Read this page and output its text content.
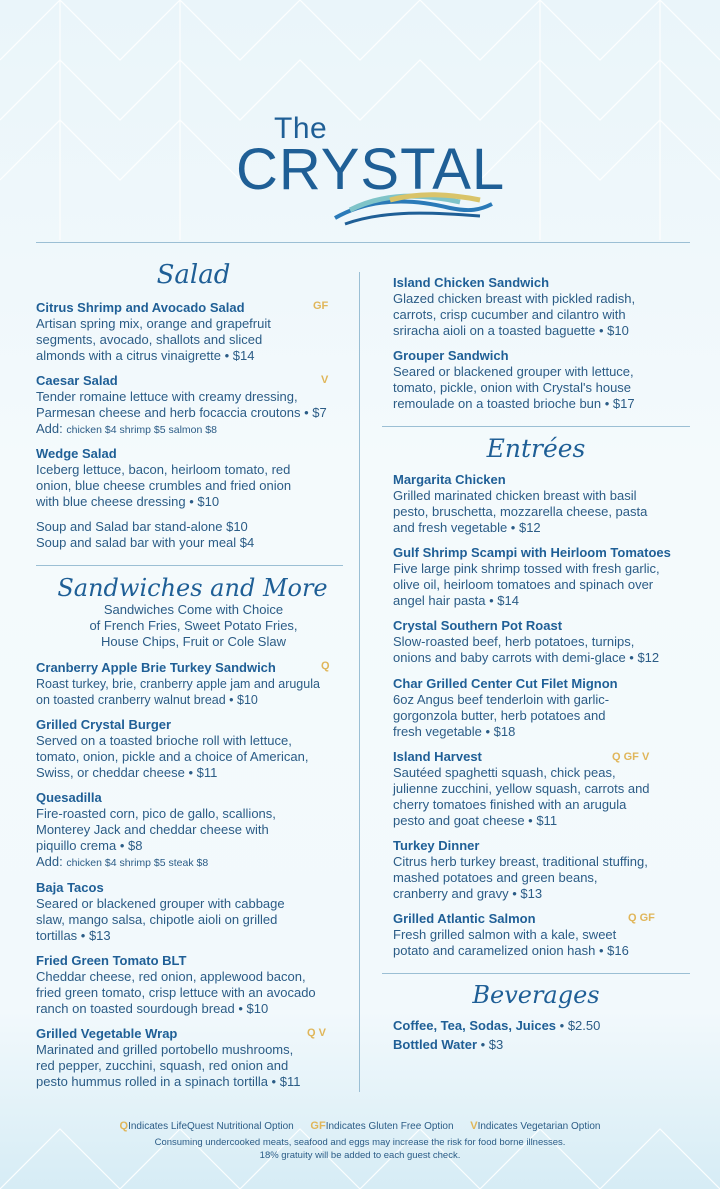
The
CRYSTAL
Salad
Citrus Shrimp and Avocado Salad
Artisan spring mix, orange and grapefruit
segments, avocado, shallots and sliced
almonds with a citrus vinaigrette • $14
GF
Caesar Salad
Tender romaine lettuce with creamy dressing,
Parmesan cheese and herb focaccia croutons • $7
Add: chicken $4 shrimp $5 salmon $8
V
Wedge Salad
Iceberg lettuce, bacon, heirloom tomato, red
onion, blue cheese crumbles and fried onion
with blue cheese dressing • $10
Soup and Salad bar stand-alone $10
Soup and salad bar with your meal $4
Sandwiches and More
Sandwiches Come with Choice
of French Fries, Sweet Potato Fries,
House Chips, Fruit or Cole Slaw
Cranberry Apple Brie Turkey Sandwich
Roast turkey, brie, cranberry apple jam and arugula
on toasted cranberry walnut bread • $10
Q
Grilled Crystal Burger
Served on a toasted brioche roll with lettuce,
tomato, onion, pickle and a choice of American,
Swiss, or cheddar cheese • $11
Quesadilla
Fire-roasted corn, pico de gallo, scallions,
Monterey Jack and cheddar cheese with
piquillo crema • $8
Add: chicken $4 shrimp $5 steak $8
Baja Tacos
Seared or blackened grouper with cabbage
slaw, mango salsa, chipotle aioli on grilled
tortillas • $13
Fried Green Tomato BLT
Cheddar cheese, red onion, applewood bacon,
fried green tomato, crisp lettuce with an avocado
ranch on toasted sourdough bread • $10
Grilled Vegetable Wrap
Marinated and grilled portobello mushrooms,
red pepper, zucchini, squash, red onion and
pesto hummus rolled in a spinach tortilla • $11
Q V
Island Chicken Sandwich
Glazed chicken breast with pickled radish,
carrots, crisp cucumber and cilantro with
sriracha aioli on a toasted baguette • $10
Grouper Sandwich
Seared or blackened grouper with lettuce,
tomato, pickle, onion with Crystal's house
remoulade on a toasted brioche bun • $17
Entrées
Margarita Chicken
Grilled marinated chicken breast with basil
pesto, bruschetta, mozzarella cheese, pasta
and fresh vegetable • $12
Gulf Shrimp Scampi with Heirloom Tomatoes
Five large pink shrimp tossed with fresh garlic,
olive oil, heirloom tomatoes and spinach over
angel hair pasta • $14
Crystal Southern Pot Roast
Slow-roasted beef, herb potatoes, turnips,
onions and baby carrots with demi-glace • $12
Char Grilled Center Cut Filet Mignon
6oz Angus beef tenderloin with garlic-
gorgonzola butter, herb potatoes and
fresh vegetable • $18
Island Harvest
Sautéed spaghetti squash, chick peas,
julienne zucchini, yellow squash, carrots and
cherry tomatoes finished with an arugula
pesto and goat cheese • $11
Q GF V
Turkey Dinner
Citrus herb turkey breast, traditional stuffing,
mashed potatoes and green beans,
cranberry and gravy • $13
Grilled Atlantic Salmon
Fresh grilled salmon with a kale, sweet
potato and caramelized onion hash • $16
Q GF
Beverages
Coffee, Tea, Sodas, Juices • $2.50
Bottled Water • $3
QIndicates LifeQuest Nutritional Option GFIndicates Gluten Free Option VIndicates Vegetarian Option
Consuming undercooked meats, seafood and eggs may increase the risk for food borne illnesses.
18% gratuity will be added to each guest check.
